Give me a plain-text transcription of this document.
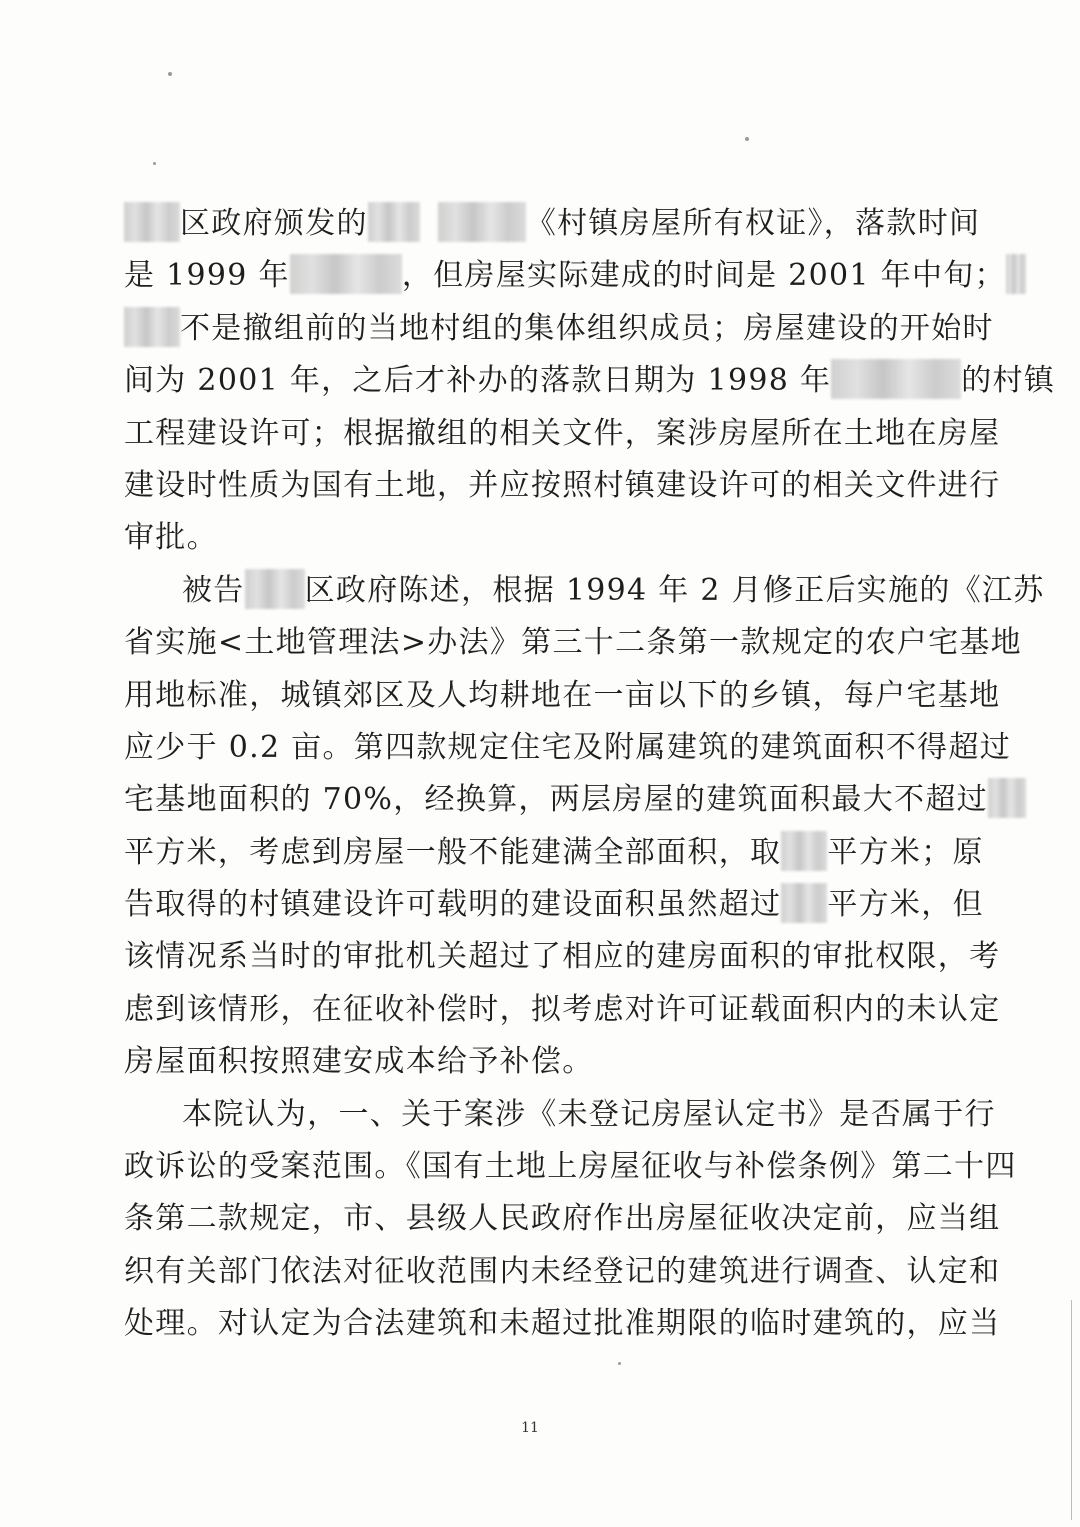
区政府颁发的	《村镇房屋所有权证》，落款时间
是 1999 年	，但房屋实际建成的时间是 2001 年中旬；
不是撤组前的当地村组的集体组织成员；房屋建设的开始时
间为 2001 年，之后才补办的落款日期为 1998 年	的村镇
工程建设许可；根据撤组的相关文件，案涉房屋所在土地在房屋
建设时性质为国有土地，并应按照村镇建设许可的相关文件进行
审批。
被告 区政府陈述，根据 1994 年 2 月修正后实施的《江苏
省实施<土地管理法>办法》第三十二条第一款规定的农户宅基地
用地标准，城镇郊区及人均耕地在一亩以下的乡镇，每户宅基地
应少于 0.2 亩。第四款规定住宅及附属建筑的建筑面积不得超过
宅基地面积的 70%，经换算，两层房屋的建筑面积最大不超过
平方米，考虑到房屋一般不能建满全部面积，取 平方米；原
告取得的村镇建设许可载明的建设面积虽然超过 平方米，但
该情况系当时的审批机关超过了相应的建房面积的审批权限，考
虑到该情形，在征收补偿时，拟考虑对许可证载面积内的未认定
房屋面积按照建安成本给予补偿。
本院认为，一、关于案涉《未登记房屋认定书》是否属于行
政诉讼的受案范围。《国有土地上房屋征收与补偿条例》第二十四
条第二款规定，市、县级人民政府作出房屋征收决定前，应当组
织有关部门依法对征收范围内未经登记的建筑进行调查、认定和
处理。对认定为合法建筑和未超过批准期限的临时建筑的，应当
11
